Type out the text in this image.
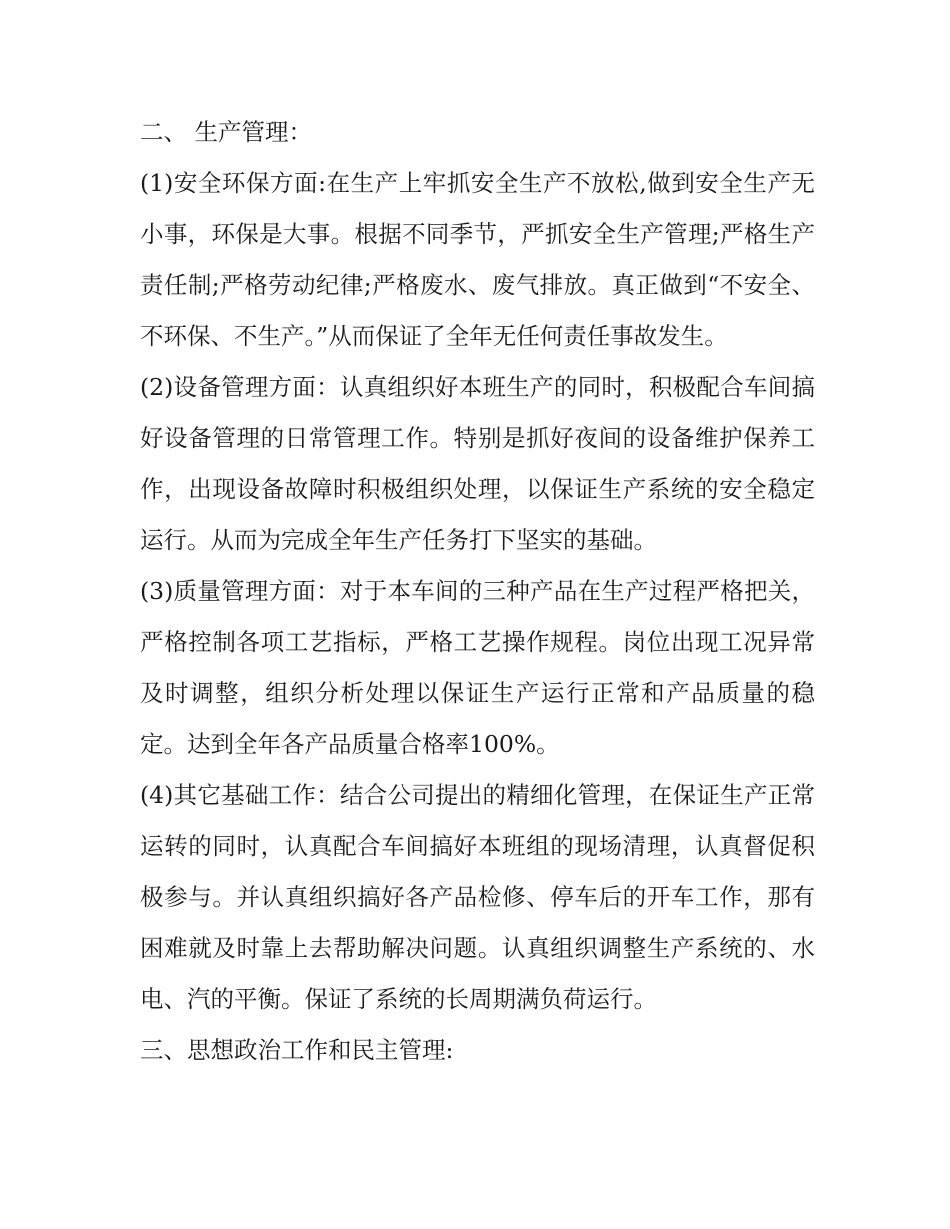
二、 生产管理：

(1)安全环保方面:在生产上牢抓安全生产不放松,做到安全生产无小事，环保是大事。根据不同季节，严抓安全生产管理;严格生产责任制;严格劳动纪律;严格废水、废气排放。真正做到“不安全、不环保、不生产。”从而保证了全年无任何责任事故发生。

(2)设备管理方面：认真组织好本班生产的同时，积极配合车间搞好设备管理的日常管理工作。特别是抓好夜间的设备维护保养工作，出现设备故障时积极组织处理，以保证生产系统的安全稳定运行。从而为完成全年生产任务打下坚实的基础。

(3)质量管理方面：对于本车间的三种产品在生产过程严格把关，严格控制各项工艺指标，严格工艺操作规程。岗位出现工况异常及时调整，组织分析处理以保证生产运行正常和产品质量的稳定。达到全年各产品质量合格率100%。

(4)其它基础工作：结合公司提出的精细化管理，在保证生产正常运转的同时，认真配合车间搞好本班组的现场清理，认真督促积极参与。并认真组织搞好各产品检修、停车后的开车工作，那有困难就及时靠上去帮助解决问题。认真组织调整生产系统的、水电、汽的平衡。保证了系统的长周期满负荷运行。

三、思想政治工作和民主管理:
